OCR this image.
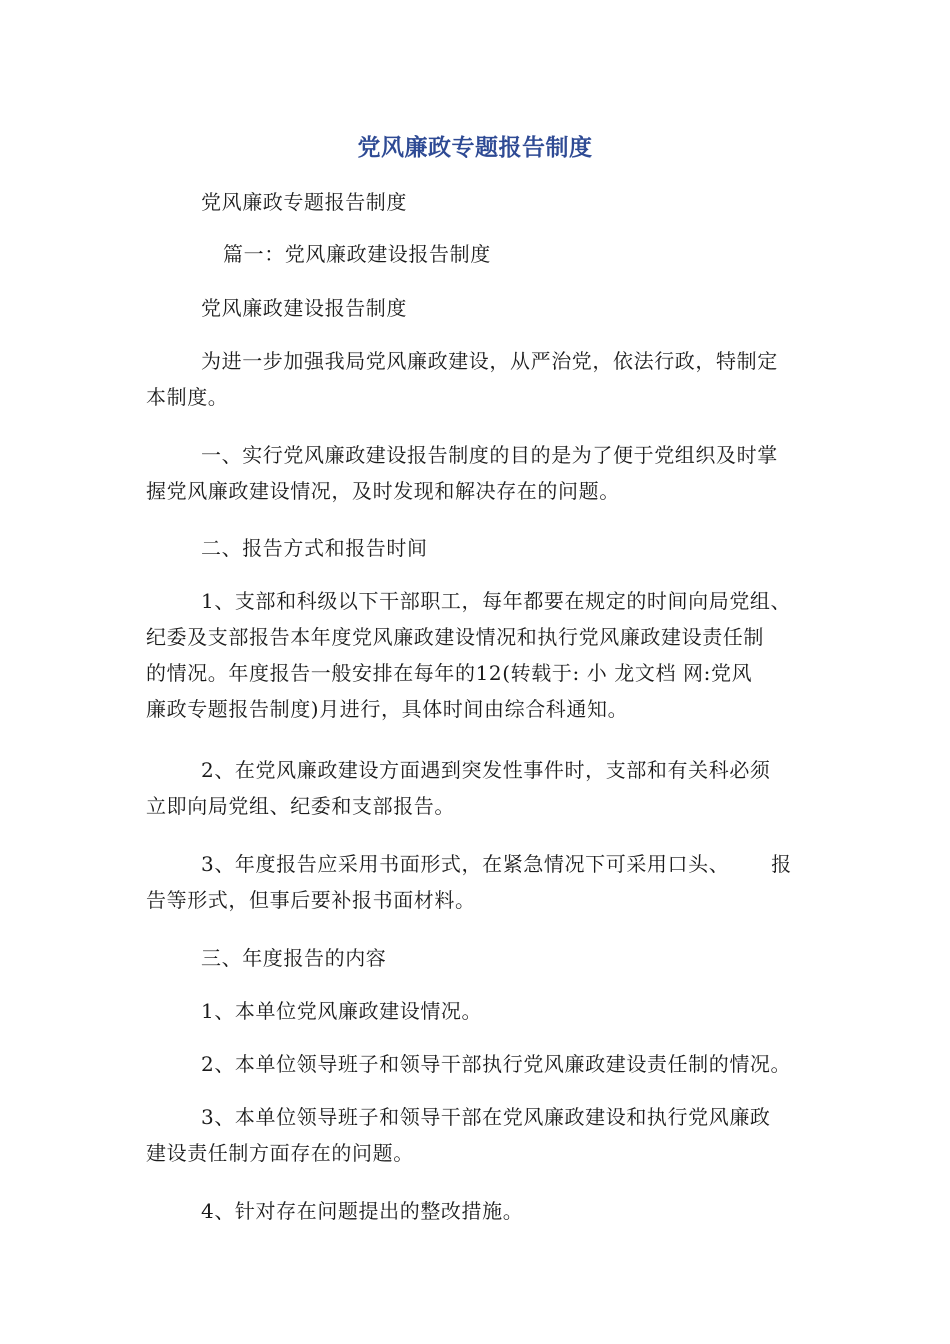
党风廉政专题报告制度
党风廉政专题报告制度
篇一：党风廉政建设报告制度
党风廉政建设报告制度
为进一步加强我局党风廉政建设，从严治党，依法行政，特制定
本制度。
一、实行党风廉政建设报告制度的目的是为了便于党组织及时掌
握党风廉政建设情况，及时发现和解决存在的问题。
二、报告方式和报告时间
1、支部和科级以下干部职工，每年都要在规定的时间向局党组、
纪委及支部报告本年度党风廉政建设情况和执行党风廉政建设责任制
的情况。年度报告一般安排在每年的12(转载于: 小 龙文档 网:党风
廉政专题报告制度)月进行，具体时间由综合科通知。
2、在党风廉政建设方面遇到突发性事件时，支部和有关科必须
立即向局党组、纪委和支部报告。
3、年度报告应采用书面形式，在紧急情况下可采用口头、      报
告等形式，但事后要补报书面材料。
三、年度报告的内容
1、本单位党风廉政建设情况。
2、本单位领导班子和领导干部执行党风廉政建设责任制的情况。
3、本单位领导班子和领导干部在党风廉政建设和执行党风廉政
建设责任制方面存在的问题。
4、针对存在问题提出的整改措施。
